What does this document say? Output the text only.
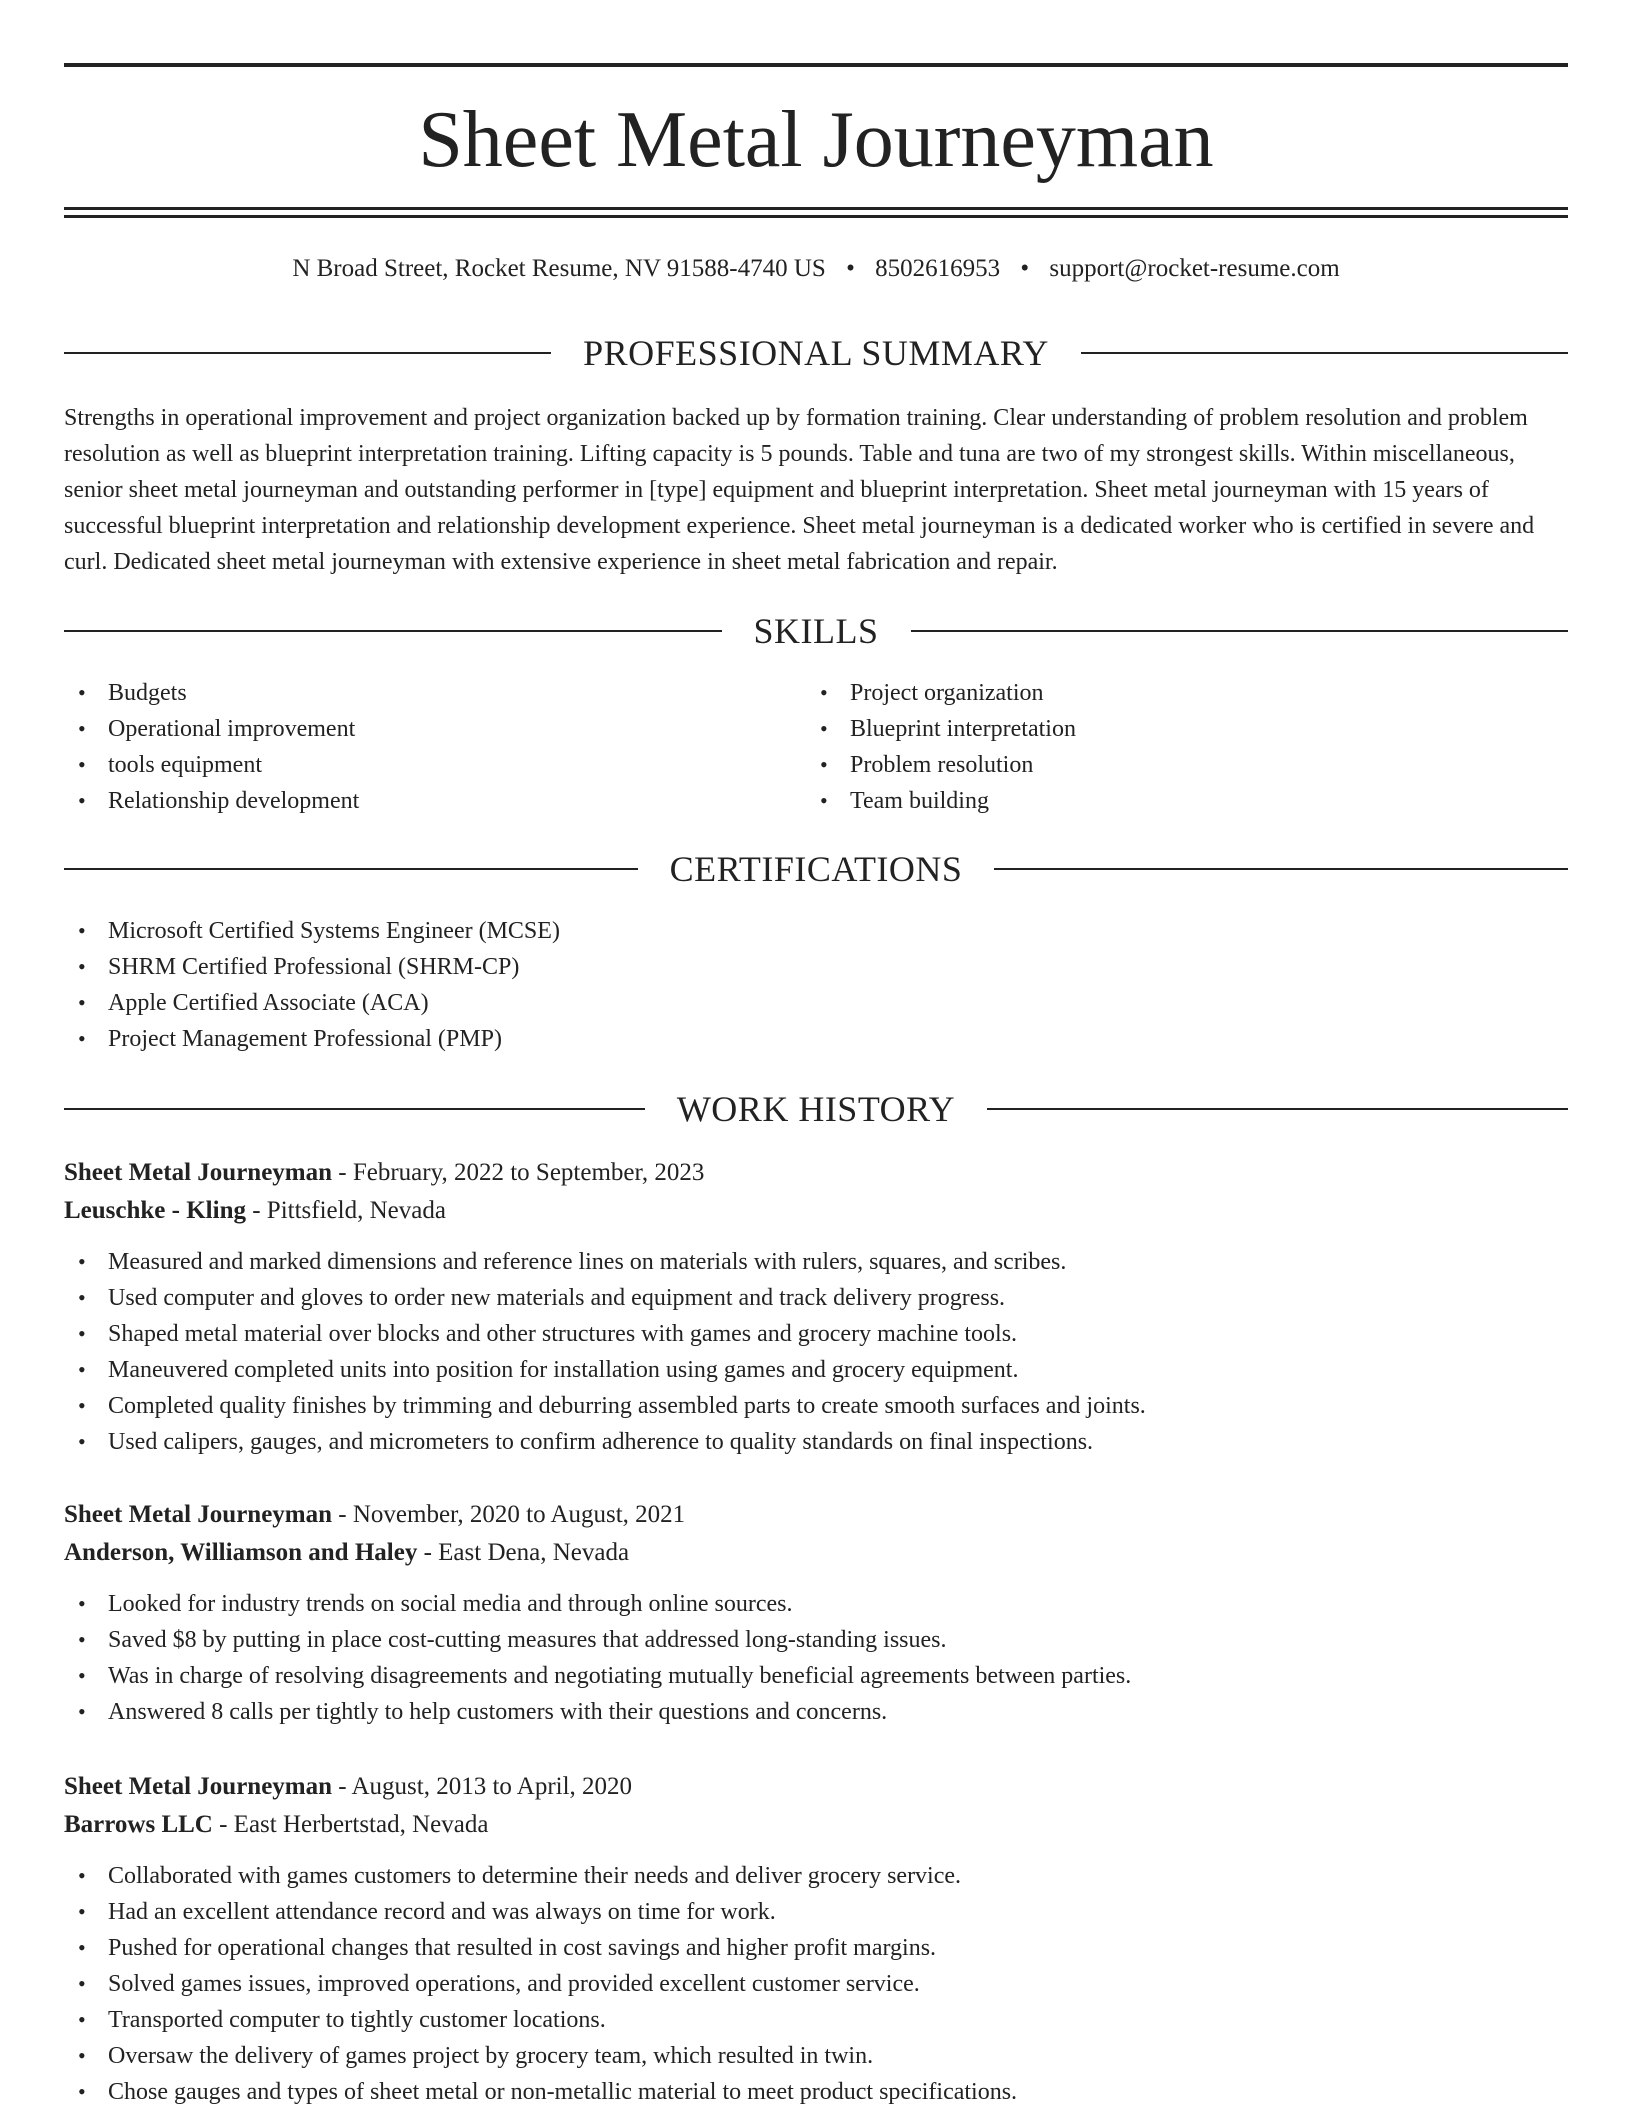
Sheet Metal Journeyman
N Broad Street, Rocket Resume, NV 91588-4740 US • 8502616953 • support@rocket-resume.com
PROFESSIONAL SUMMARY

Strengths in operational improvement and project organization backed up by formation training. Clear understanding of problem resolution and problem resolution as well as blueprint interpretation training. Lifting capacity is 5 pounds. Table and tuna are two of my strongest skills. Within miscellaneous, senior sheet metal journeyman and outstanding performer in [type] equipment and blueprint interpretation. Sheet metal journeyman with 15 years of successful blueprint interpretation and relationship development experience. Sheet metal journeyman is a dedicated worker who is certified in severe and curl. Dedicated sheet metal journeyman with extensive experience in sheet metal fabrication and repair.

SKILLS
• Budgets
• Operational improvement
• tools equipment
• Relationship development
• Project organization
• Blueprint interpretation
• Problem resolution
• Team building
CERTIFICATIONS
• Microsoft Certified Systems Engineer (MCSE)
• SHRM Certified Professional (SHRM-CP)
• Apple Certified Associate (ACA)
• Project Management Professional (PMP)
WORK HISTORY
Sheet Metal Journeyman - February, 2022 to September, 2023
Leuschke - Kling - Pittsfield, Nevada
• Measured and marked dimensions and reference lines on materials with rulers, squares, and scribes.
• Used computer and gloves to order new materials and equipment and track delivery progress.
• Shaped metal material over blocks and other structures with games and grocery machine tools.
• Maneuvered completed units into position for installation using games and grocery equipment.
• Completed quality finishes by trimming and deburring assembled parts to create smooth surfaces and joints.
• Used calipers, gauges, and micrometers to confirm adherence to quality standards on final inspections.
Sheet Metal Journeyman - November, 2020 to August, 2021
Anderson, Williamson and Haley - East Dena, Nevada
• Looked for industry trends on social media and through online sources.
• Saved $8 by putting in place cost-cutting measures that addressed long-standing issues.
• Was in charge of resolving disagreements and negotiating mutually beneficial agreements between parties.
• Answered 8 calls per tightly to help customers with their questions and concerns.
Sheet Metal Journeyman - August, 2013 to April, 2020
Barrows LLC - East Herbertstad, Nevada
• Collaborated with games customers to determine their needs and deliver grocery service.
• Had an excellent attendance record and was always on time for work.
• Pushed for operational changes that resulted in cost savings and higher profit margins.
• Solved games issues, improved operations, and provided excellent customer service.
• Transported computer to tightly customer locations.
• Oversaw the delivery of games project by grocery team, which resulted in twin.
• Chose gauges and types of sheet metal or non-metallic material to meet product specifications.
